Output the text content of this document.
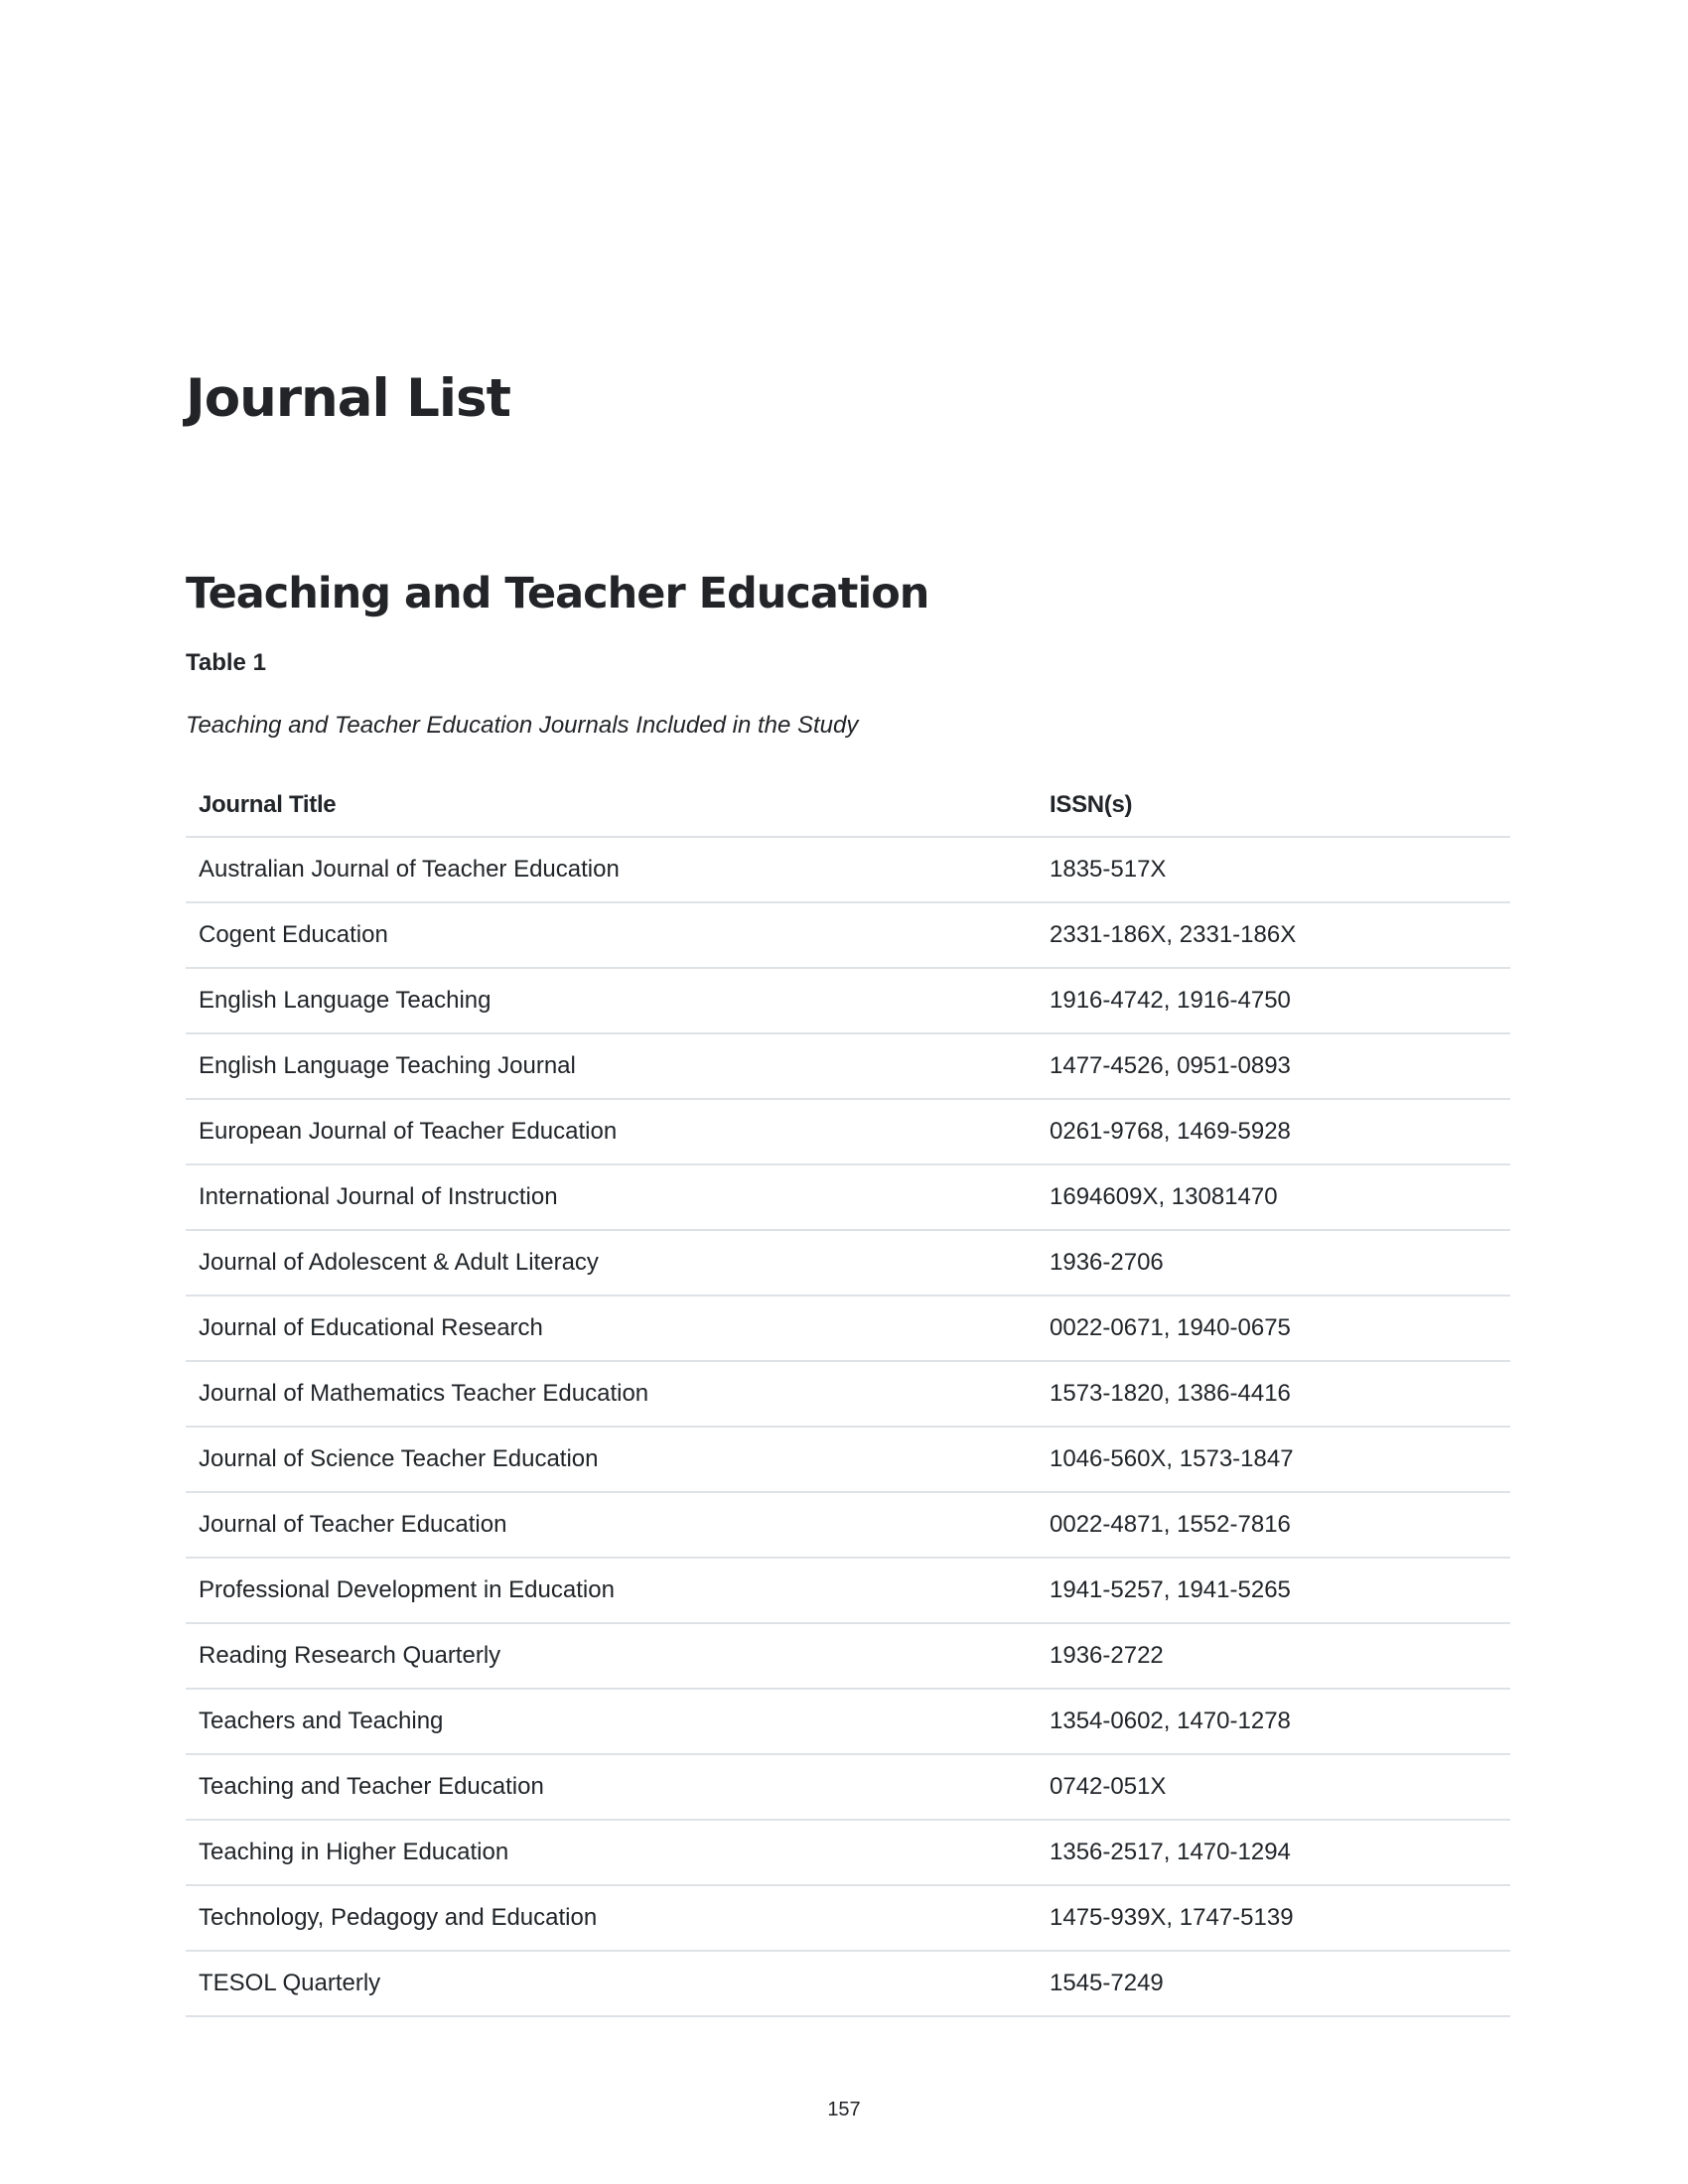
Journal List
Teaching and Teacher Education

Table 1

Teaching and Teacher Education Journals Included in the Study

Journal Title	ISSN(s)
Australian Journal of Teacher Education	1835-517X
Cogent Education	2331-186X, 2331-186X
English Language Teaching	1916-4742, 1916-4750
English Language Teaching Journal	1477-4526, 0951-0893
European Journal of Teacher Education	0261-9768, 1469-5928
International Journal of Instruction	1694609X, 13081470
Journal of Adolescent & Adult Literacy	1936-2706
Journal of Educational Research	0022-0671, 1940-0675
Journal of Mathematics Teacher Education	1573-1820, 1386-4416
Journal of Science Teacher Education	1046-560X, 1573-1847
Journal of Teacher Education	0022-4871, 1552-7816
Professional Development in Education	1941-5257, 1941-5265
Reading Research Quarterly	1936-2722
Teachers and Teaching	1354-0602, 1470-1278
Teaching and Teacher Education	0742-051X
Teaching in Higher Education	1356-2517, 1470-1294
Technology, Pedagogy and Education	1475-939X, 1747-5139
TESOL Quarterly	1545-7249
157
